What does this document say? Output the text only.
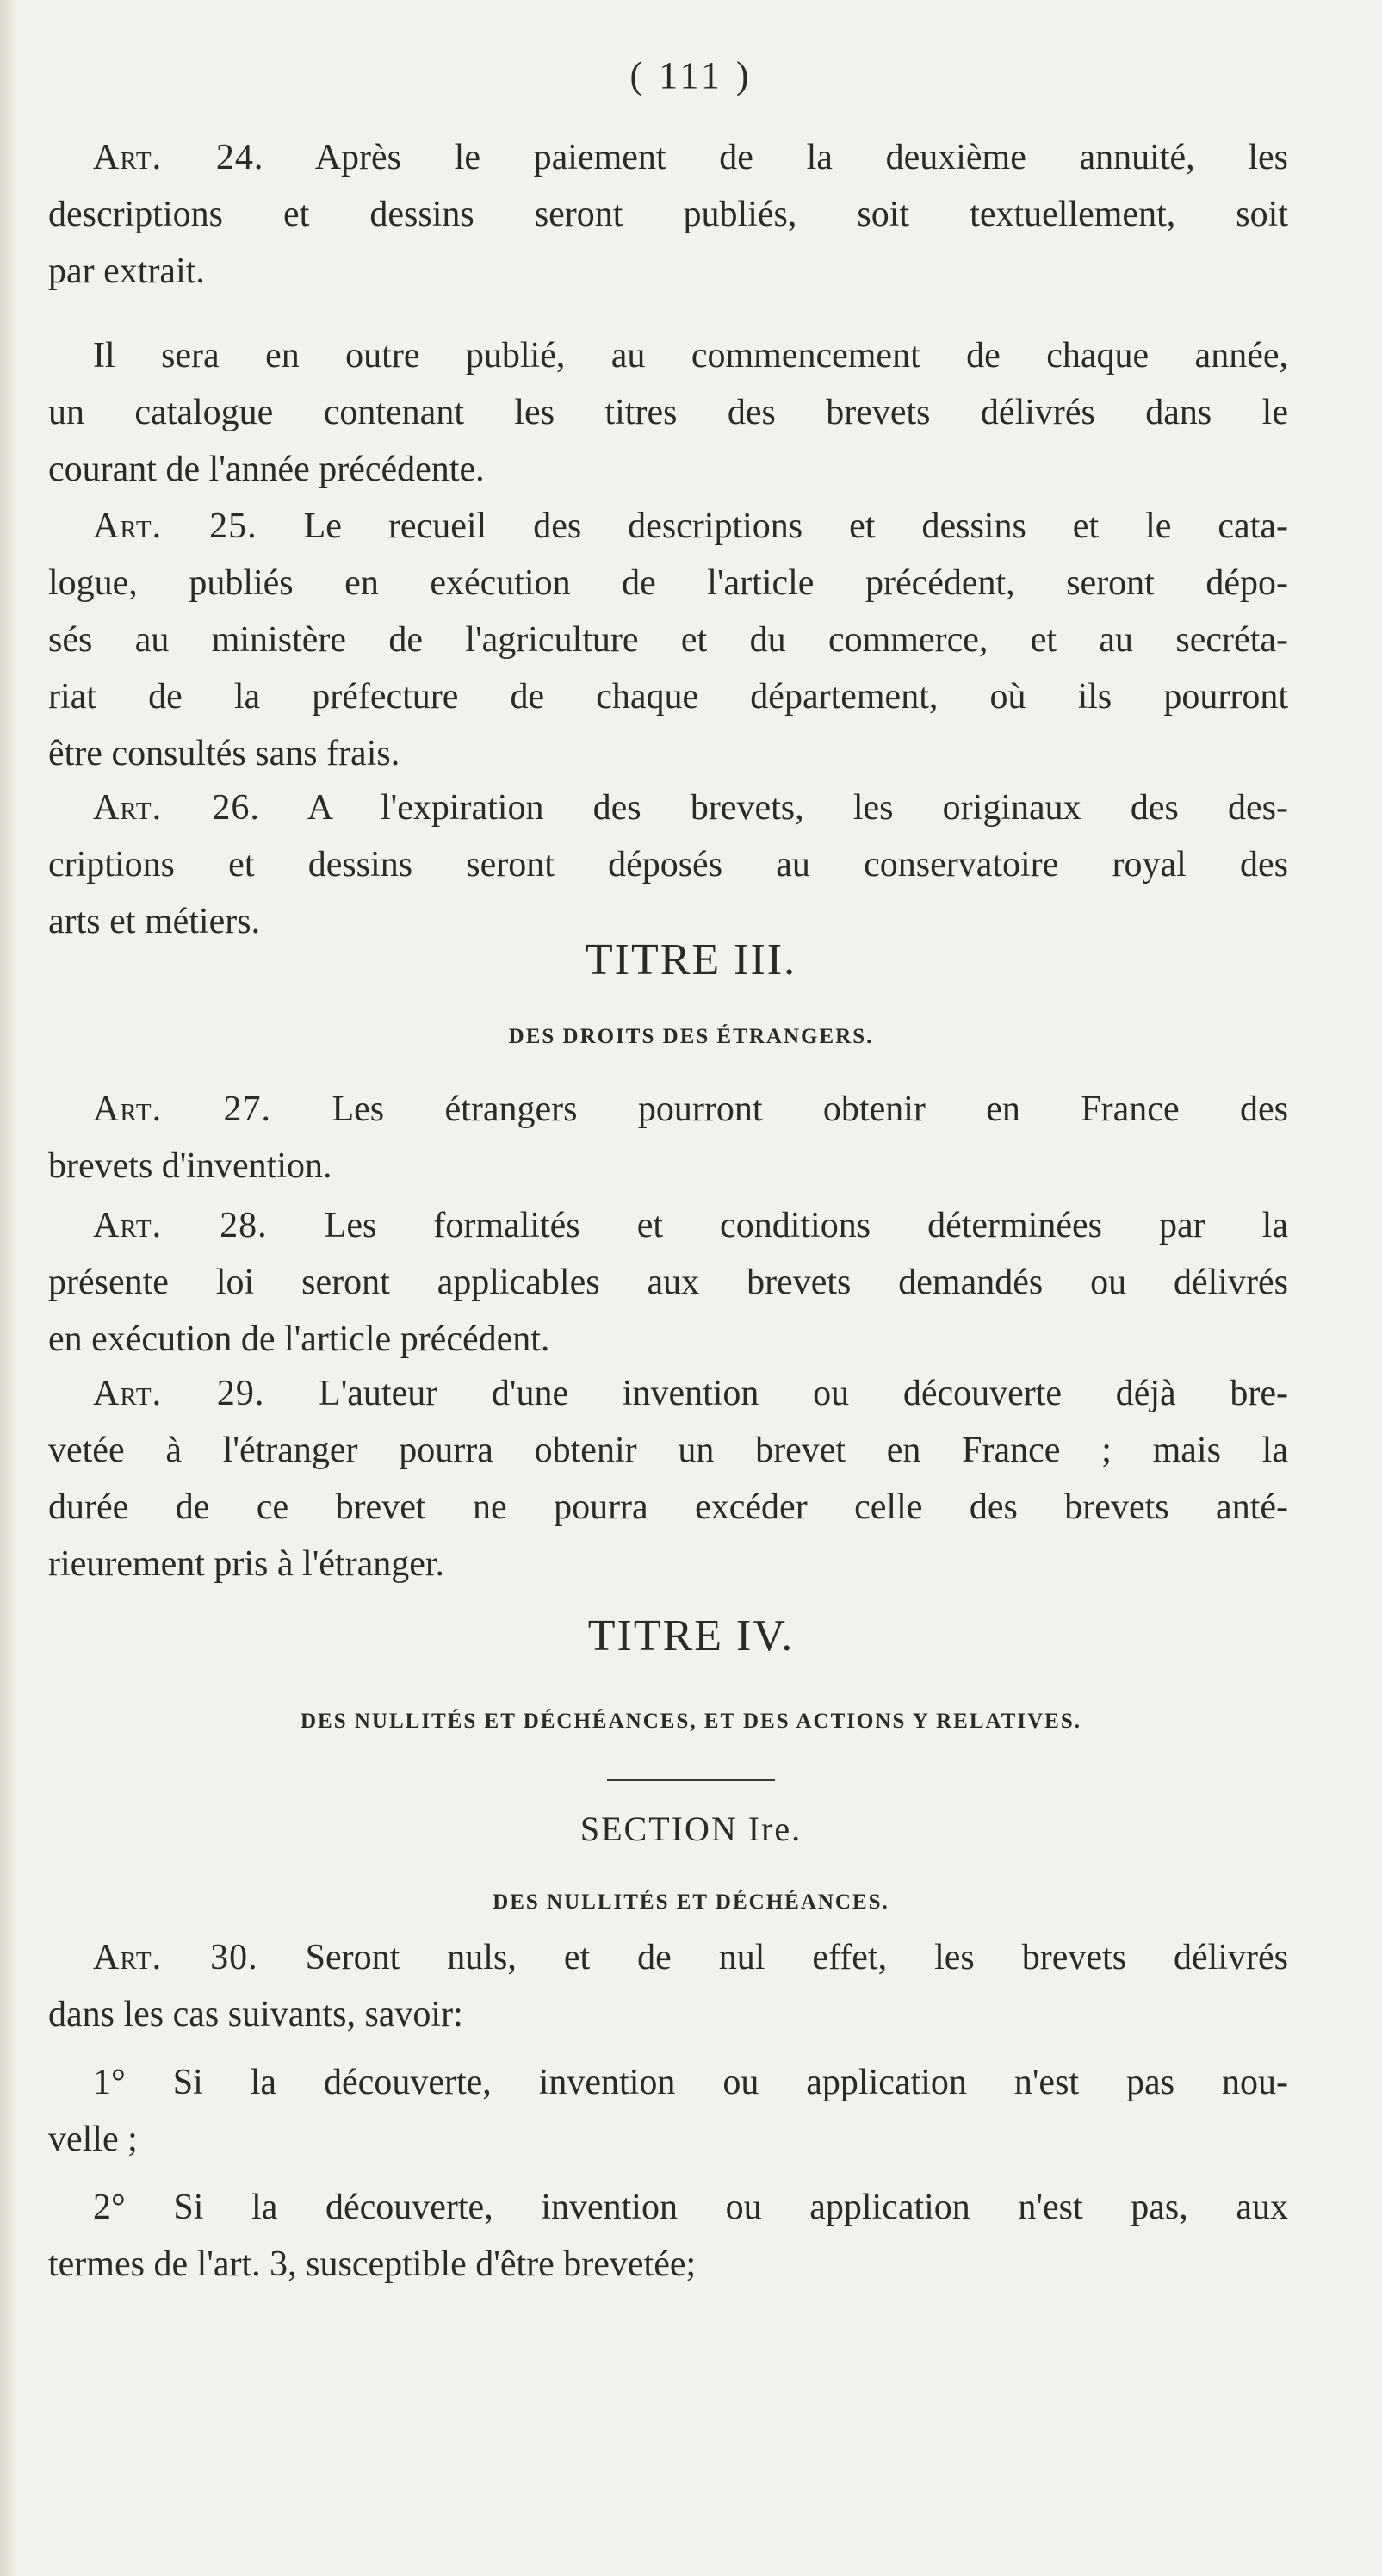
( 111 )
Art. 24. Après le paiement de la deuxième annuité, les
descriptions et dessins seront publiés, soit textuellement, soit
par extrait.
Il sera en outre publié, au commencement de chaque année,
un catalogue contenant les titres des brevets délivrés dans le
courant de l'année précédente.
Art. 25. Le recueil des descriptions et dessins et le cata-
logue, publiés en exécution de l'article précédent, seront dépo-
sés au ministère de l'agriculture et du commerce, et au secréta-
riat de la préfecture de chaque département, où ils pourront
être consultés sans frais.
Art. 26. A l'expiration des brevets, les originaux des des-
criptions et dessins seront déposés au conservatoire royal des
arts et métiers.
TITRE III.
DES DROITS DES ÉTRANGERS.
Art. 27. Les étrangers pourront obtenir en France des
brevets d'invention.
Art. 28. Les formalités et conditions déterminées par la
présente loi seront applicables aux brevets demandés ou délivrés
en exécution de l'article précédent.
Art. 29. L'auteur d'une invention ou découverte déjà bre-
vetée à l'étranger pourra obtenir un brevet en France ; mais la
durée de ce brevet ne pourra excéder celle des brevets anté-
rieurement pris à l'étranger.
TITRE IV.
DES NULLITÉS ET DÉCHÉANCES, ET DES ACTIONS Y RELATIVES.
SECTION Ire.
DES NULLITÉS ET DÉCHÉANCES.
Art. 30. Seront nuls, et de nul effet, les brevets délivrés
dans les cas suivants, savoir:
1° Si la découverte, invention ou application n'est pas nou-
velle ;
2° Si la découverte, invention ou application n'est pas, aux
termes de l'art. 3, susceptible d'être brevetée;
